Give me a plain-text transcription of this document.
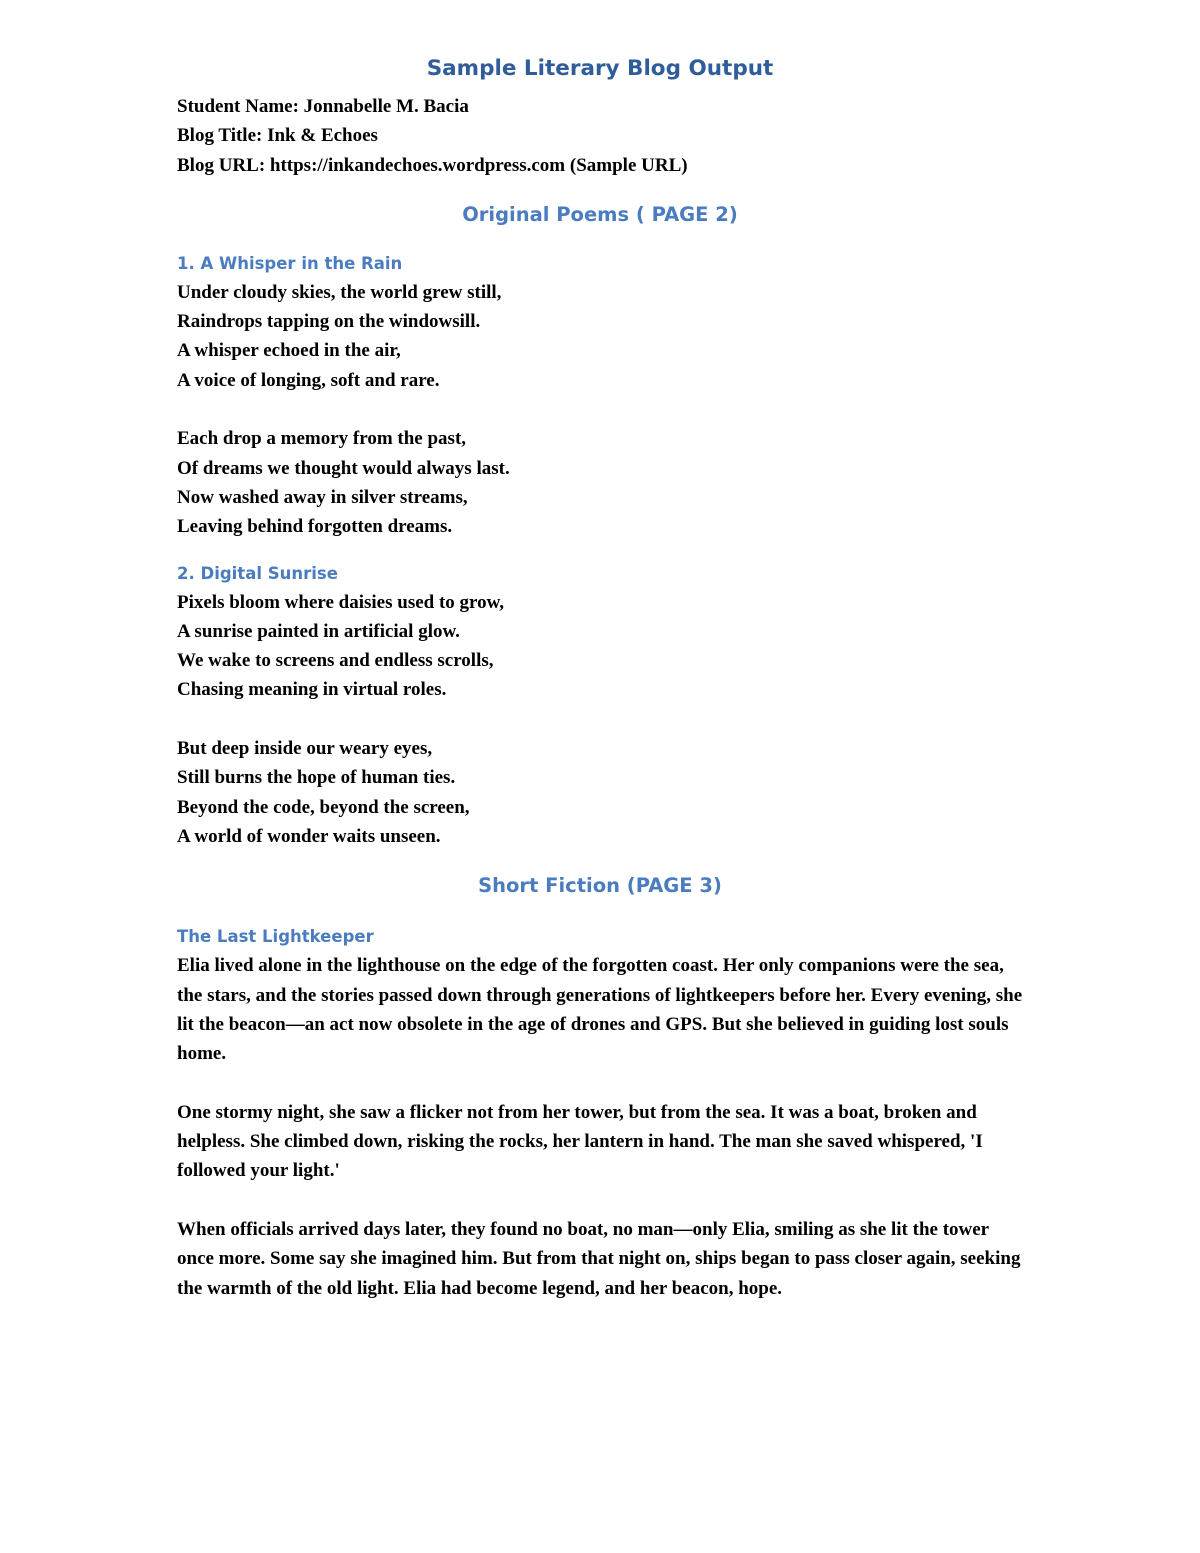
Sample Literary Blog Output
Student Name: Jonnabelle M. Bacia
Blog Title: Ink & Echoes
Blog URL: https://inkandechoes.wordpress.com (Sample URL)
Original Poems ( PAGE 2)
1. A Whisper in the Rain
Under cloudy skies, the world grew still,
Raindrops tapping on the windowsill.
A whisper echoed in the air,
A voice of longing, soft and rare.
Each drop a memory from the past,
Of dreams we thought would always last.
Now washed away in silver streams,
Leaving behind forgotten dreams.
2. Digital Sunrise
Pixels bloom where daisies used to grow,
A sunrise painted in artificial glow.
We wake to screens and endless scrolls,
Chasing meaning in virtual roles.
But deep inside our weary eyes,
Still burns the hope of human ties.
Beyond the code, beyond the screen,
A world of wonder waits unseen.
Short Fiction (PAGE 3)
The Last Lightkeeper

Elia lived alone in the lighthouse on the edge of the forgotten coast. Her only companions were the sea, the stars, and the stories passed down through generations of lightkeepers before her. Every evening, she lit the beacon—an act now obsolete in the age of drones and GPS. But she believed in guiding lost souls home.

One stormy night, she saw a flicker not from her tower, but from the sea. It was a boat, broken and helpless. She climbed down, risking the rocks, her lantern in hand. The man she saved whispered, 'I followed your light.'

When officials arrived days later, they found no boat, no man—only Elia, smiling as she lit the tower once more. Some say she imagined him. But from that night on, ships began to pass closer again, seeking the warmth of the old light. Elia had become legend, and her beacon, hope.
